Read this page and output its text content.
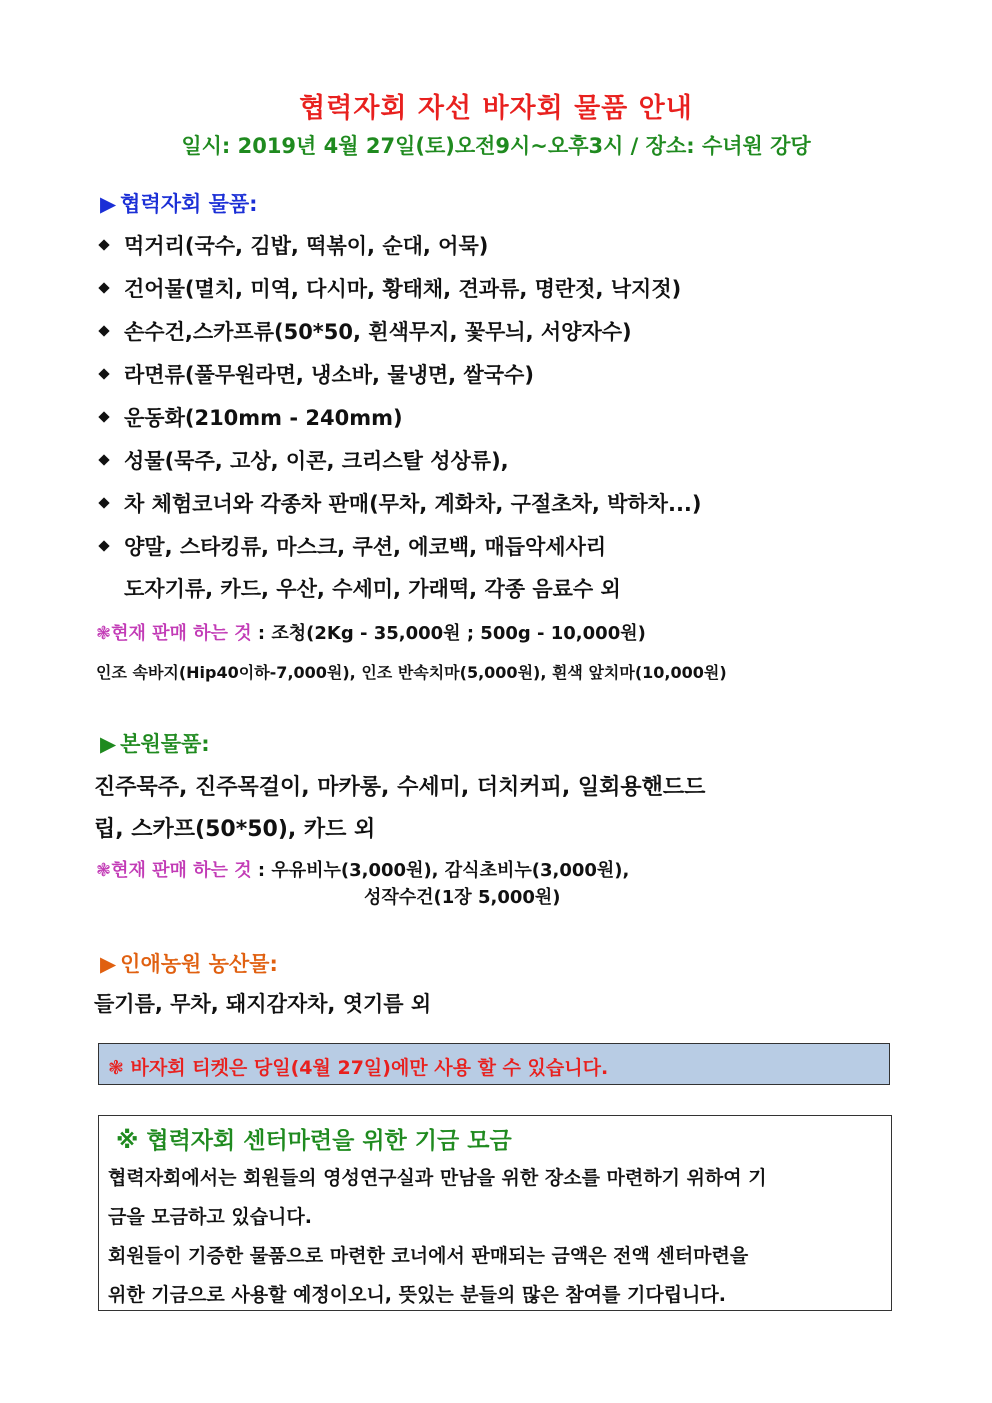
협력자회 자선 바자회 물품 안내
일시: 2019년 4월 27일(토)오전9시~오후3시 / 장소: 수녀원 강당
▶ 협력자회 물품:
먹거리(국수, 김밥, 떡볶이, 순대, 어묵)
건어물(멸치, 미역, 다시마, 황태채, 견과류, 명란젓, 낙지젓)
손수건,스카프류(50*50, 흰색무지, 꽃무늬, 서양자수)
라면류(풀무원라면, 냉소바, 물냉면, 쌀국수)
운동화(210mm - 240mm)
성물(묵주, 고상, 이콘, 크리스탈 성상류),
차 체험코너와 각종차 판매(무차, 계화차, 구절초차, 박하차...)
양말, 스타킹류, 마스크, 쿠션, 에코백, 매듭악세사리
도자기류, 카드, 우산, 수세미, 가래떡, 각종 음료수 외
❃현재 판매 하는 것 : 조청(2Kg - 35,000원 ; 500g - 10,000원)
인조 속바지(Hip40이하-7,000원), 인조 반속치마(5,000원), 흰색 앞치마(10,000원)
▶ 본원물품:
진주묵주, 진주목걸이, 마카롱, 수세미, 더치커피, 일회용핸드드
립, 스카프(50*50), 카드 외
❃현재 판매 하는 것 : 우유비누(3,000원), 감식초비누(3,000원),
성작수건(1장 5,000원)
▶ 인애농원 농산물:
들기름, 무차, 돼지감자차, 엿기름 외
❃ 바자회 티켓은 당일(4월 27일)에만 사용 할 수 있습니다.
※ 협력자회 센터마련을 위한 기금 모금
협력자회에서는 회원들의 영성연구실과 만남을 위한 장소를 마련하기 위하여 기
금을 모금하고 있습니다.
회원들이 기증한 물품으로 마련한 코너에서 판매되는 금액은 전액 센터마련을
위한 기금으로 사용할 예정이오니, 뜻있는 분들의 많은 참여를 기다립니다.
